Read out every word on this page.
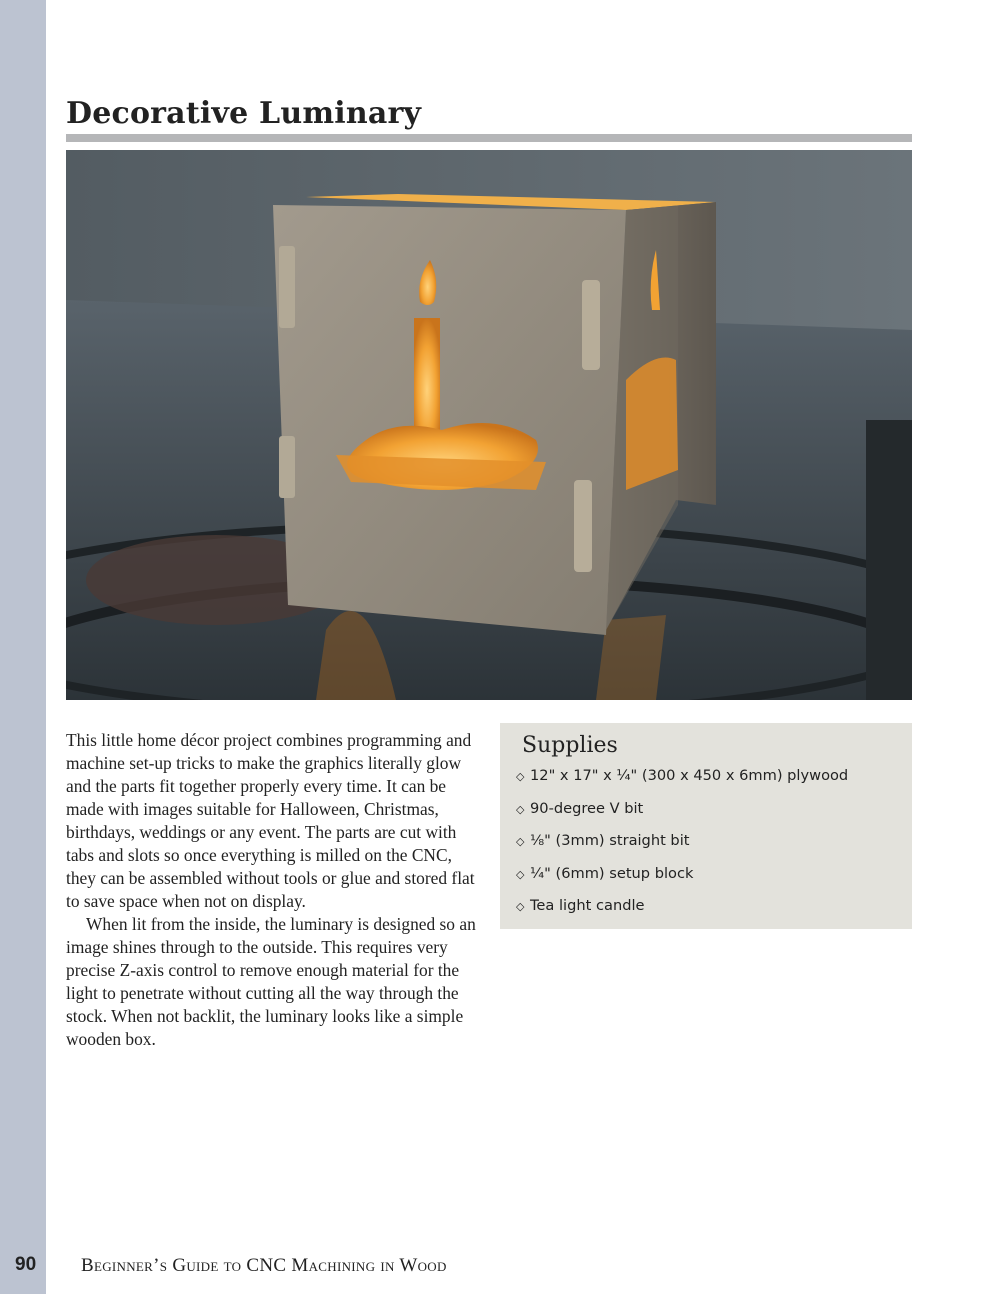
Decorative Luminary

This little home décor project combines programming and machine set-up tricks to make the graphics literally glow and the parts fit together properly every time. It can be made with images suitable for Halloween, Christmas, birthdays, weddings or any event. The parts are cut with tabs and slots so once everything is milled on the CNC, they can be assembled without tools or glue and stored flat to save space when not on display.

When lit from the inside, the luminary is designed so an image shines through to the outside. This requires very precise Z-axis control to remove enough material for the light to penetrate without cutting all the way through the stock. When not backlit, the luminary looks like a simple wooden box.

Supplies
◇ 12" x 17" x ¼" (300 x 450 x 6mm) plywood
◇ 90-degree V bit
◇ ⅛" (3mm) straight bit
◇ ¼" (6mm) setup block
◇ Tea light candle
90 Beginner’s Guide to CNC Machining in Wood
